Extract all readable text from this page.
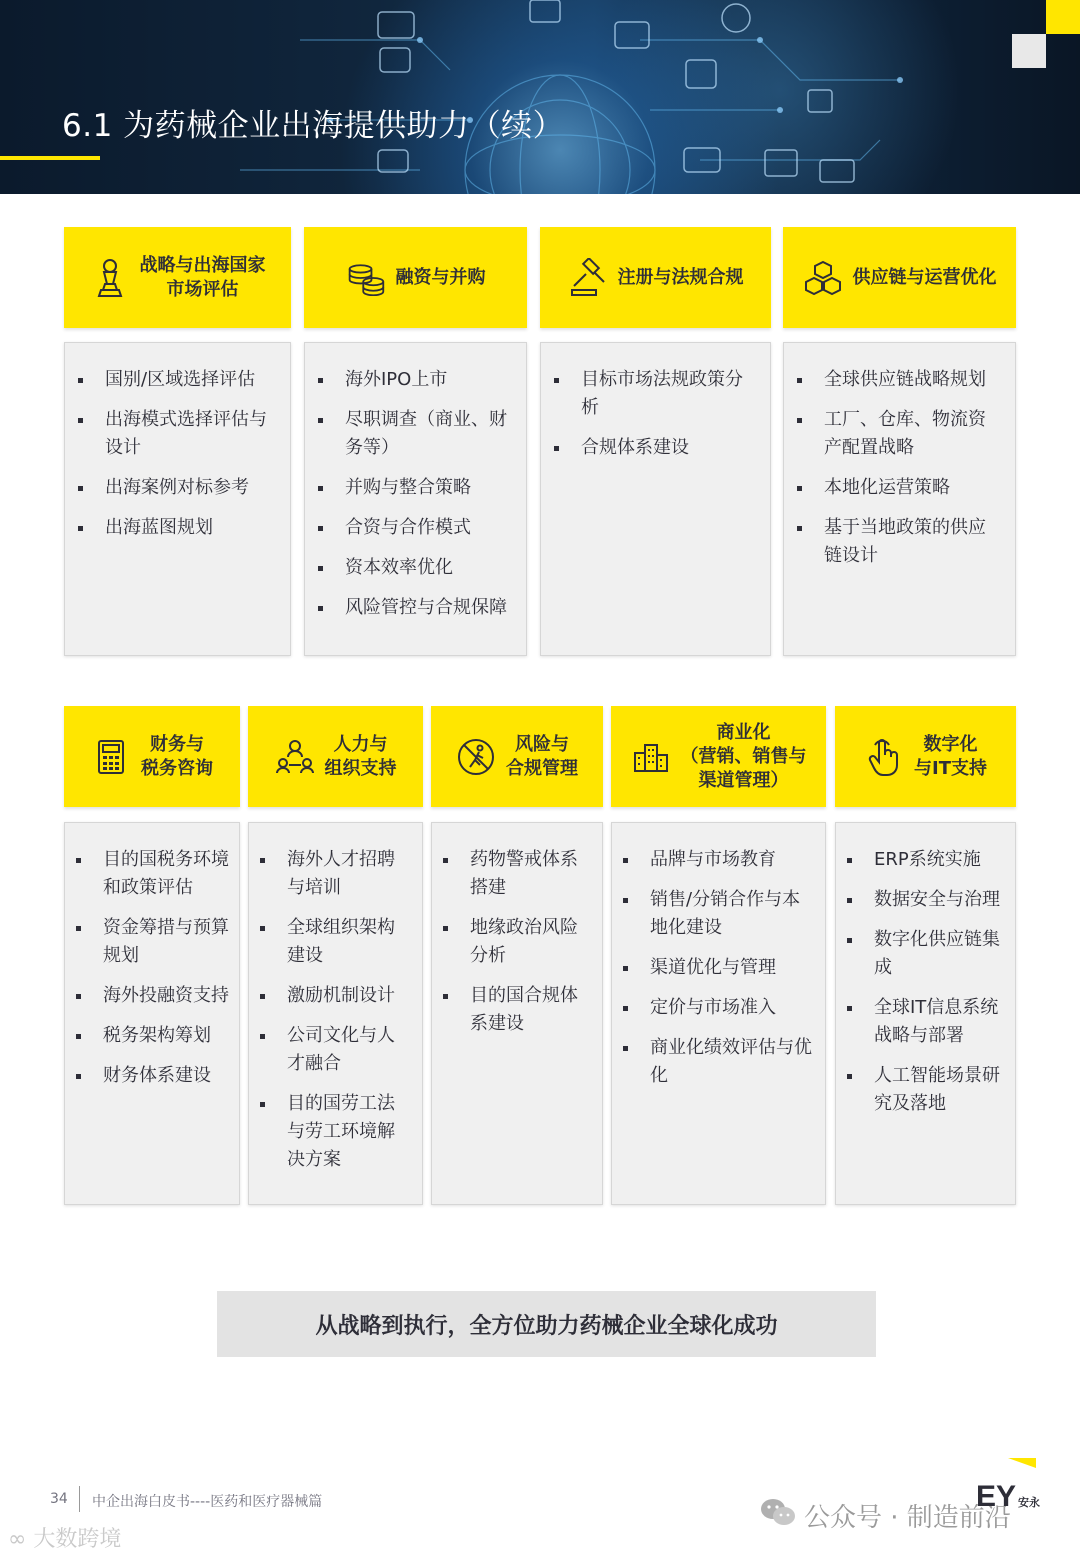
6.1 为药械企业出海提供助力（续）
战略与出海国家
市场评估
国别/区域选择评估
出海模式选择评估与设计
出海案例对标参考
出海蓝图规划
融资与并购
海外IPO上市
尽职调查（商业、财务等）
并购与整合策略
合资与合作模式
资本效率优化
风险管控与合规保障
注册与法规合规
目标市场法规政策分析
合规体系建设
供应链与运营优化
全球供应链战略规划
工厂、仓库、物流资产配置战略
本地化运营策略
基于当地政策的供应链设计
财务与
税务咨询
目的国税务环境和政策评估
资金筹措与预算规划
海外投融资支持
税务架构筹划
财务体系建设
人力与
组织支持
海外人才招聘与培训
全球组织架构建设
激励机制设计
公司文化与人才融合
目的国劳工法与劳工环境解决方案
风险与
合规管理
药物警戒体系搭建
地缘政治风险分析
目的国合规体系建设
商业化
（营销、销售与
渠道管理）
品牌与市场教育
销售/分销合作与本地化建设
渠道优化与管理
定价与市场准入
商业化绩效评估与优化
数字化
与IT支持
ERP系统实施
数据安全与治理
数字化供应链集成
全球IT信息系统战略与部署
人工智能场景研究及落地
从战略到执行，全方位助力药械企业全球化成功
34 中企出海白皮书----医药和医疗器械篇
公众号 · 制造前沿
EY 安永
∞ 大数跨境
